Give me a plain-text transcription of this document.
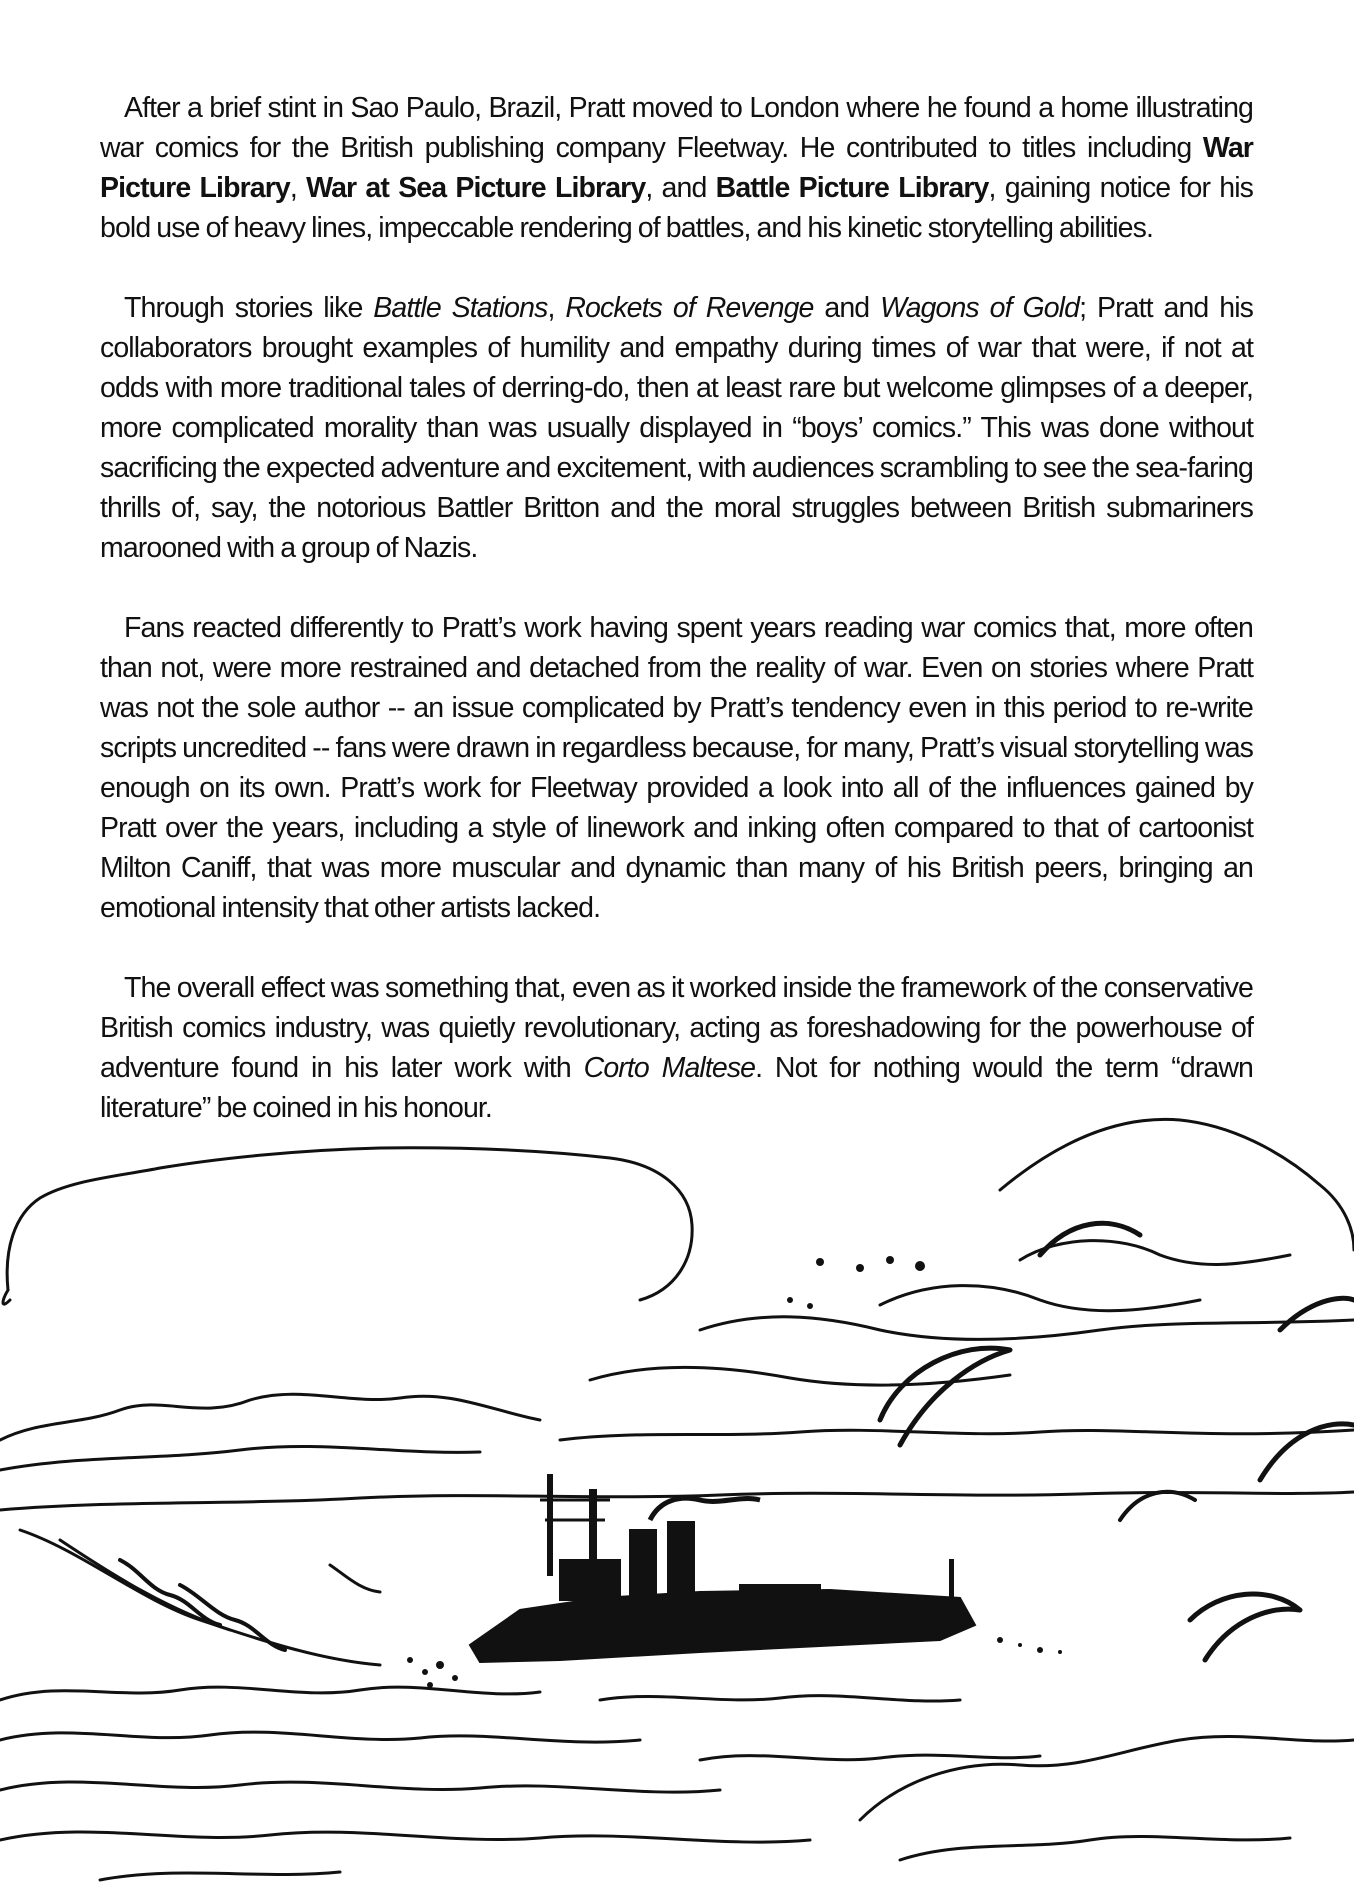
After a brief stint in Sao Paulo, Brazil, Pratt moved to London where he found a home illustrating war comics for the British publishing company Fleetway. He contributed to titles including War Picture Library, War at Sea Picture Library, and Battle Picture Library, gaining notice for his bold use of heavy lines, impeccable rendering of battles, and his kinetic storytelling abilities.

Through stories like Battle Stations, Rockets of Revenge and Wagons of Gold; Pratt and his collaborators brought examples of humility and empathy during times of war that were, if not at odds with more traditional tales of derring-do, then at least rare but welcome glimpses of a deeper, more complicated morality than was usually displayed in “boys’ comics.” This was done without sacrificing the expected adventure and excitement, with audiences scrambling to see the sea-faring thrills of, say, the notorious Battler Britton and the moral struggles between British submariners marooned with a group of Nazis.

Fans reacted differently to Pratt’s work having spent years reading war comics that, more often than not, were more restrained and detached from the reality of war. Even on stories where Pratt was not the sole author -- an issue complicated by Pratt’s tendency even in this period to re-write scripts uncredited -- fans were drawn in regardless because, for many, Pratt’s visual storytelling was enough on its own. Pratt’s work for Fleetway provided a look into all of the influences gained by Pratt over the years, including a style of linework and inking often compared to that of cartoonist Milton Caniff, that was more muscular and dynamic than many of his British peers, bringing an emotional intensity that other artists lacked.

The overall effect was something that, even as it worked inside the framework of the conservative British comics industry, was quietly revolutionary, acting as foreshadowing for the powerhouse of adventure found in his later work with Corto Maltese. Not for nothing would the term “drawn literature” be coined in his honour.
